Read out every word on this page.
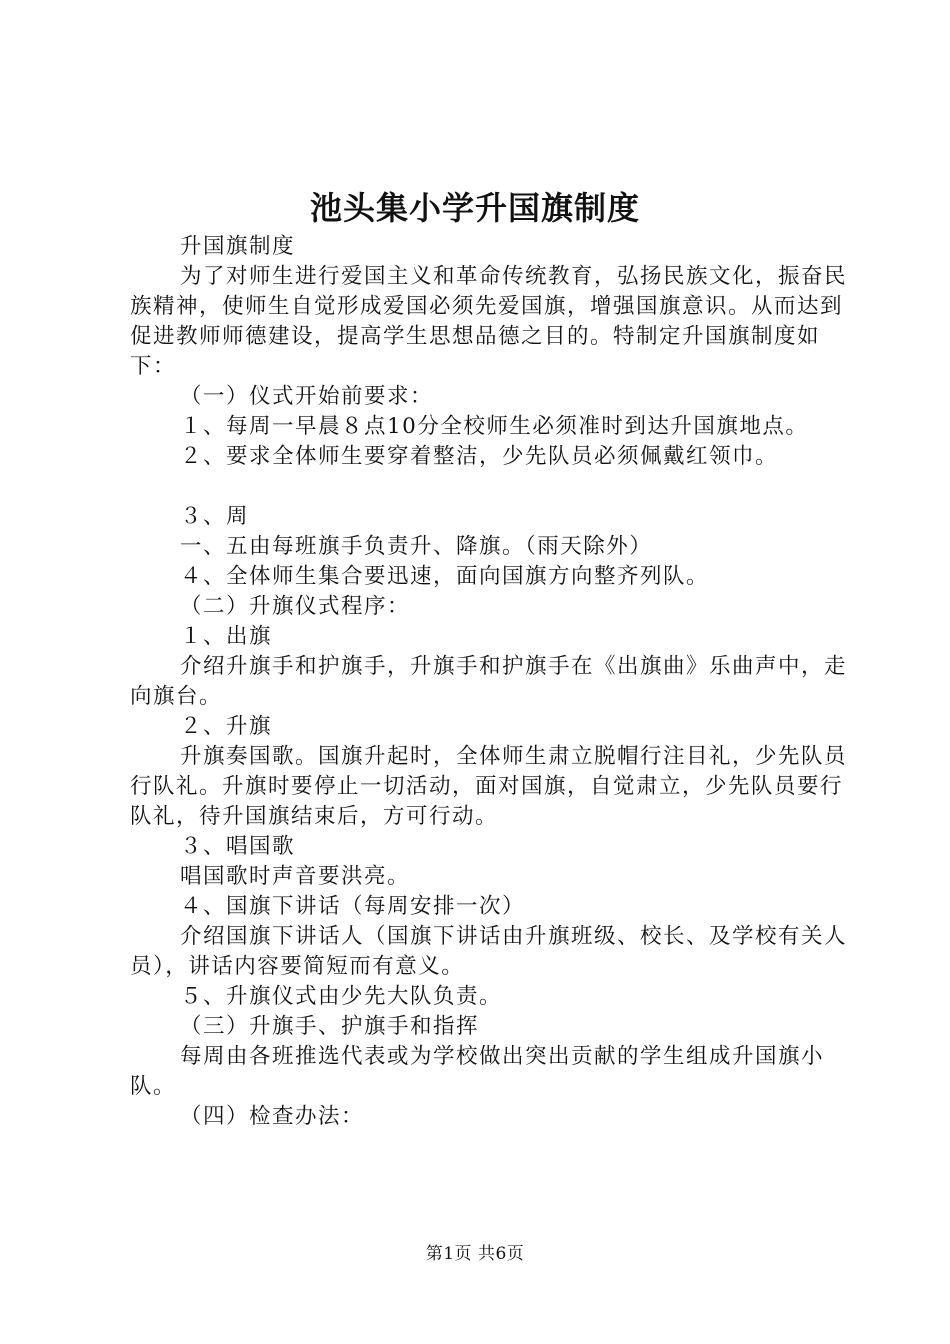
池头集小学升国旗制度

升国旗制度

为了对师生进行爱国主义和革命传统教育，弘扬民族文化，振奋民族精神，使师生自觉形成爱国必须先爱国旗，增强国旗意识。从而达到促进教师师德建设，提高学生思想品德之目的。特制定升国旗制度如下：

（一）仪式开始前要求：

１、每周一早晨８点10分全校师生必须准时到达升国旗地点。

２、要求全体师生要穿着整洁，少先队员必须佩戴红领巾。

３、周

一、五由每班旗手负责升、降旗。（雨天除外）

４、全体师生集合要迅速，面向国旗方向整齐列队。

（二）升旗仪式程序：

１、出旗

介绍升旗手和护旗手，升旗手和护旗手在《出旗曲》乐曲声中，走向旗台。

２、升旗

升旗奏国歌。国旗升起时，全体师生肃立脱帽行注目礼，少先队员行队礼。升旗时要停止一切活动，面对国旗，自觉肃立，少先队员要行队礼，待升国旗结束后，方可行动。

３、唱国歌

唱国歌时声音要洪亮。

４、国旗下讲话（每周安排一次）

介绍国旗下讲话人（国旗下讲话由升旗班级、校长、及学校有关人员），讲话内容要简短而有意义。

５、升旗仪式由少先大队负责。

（三）升旗手、护旗手和指挥

每周由各班推选代表或为学校做出突出贡献的学生组成升国旗小队。

（四）检查办法：

第1页 共6页
